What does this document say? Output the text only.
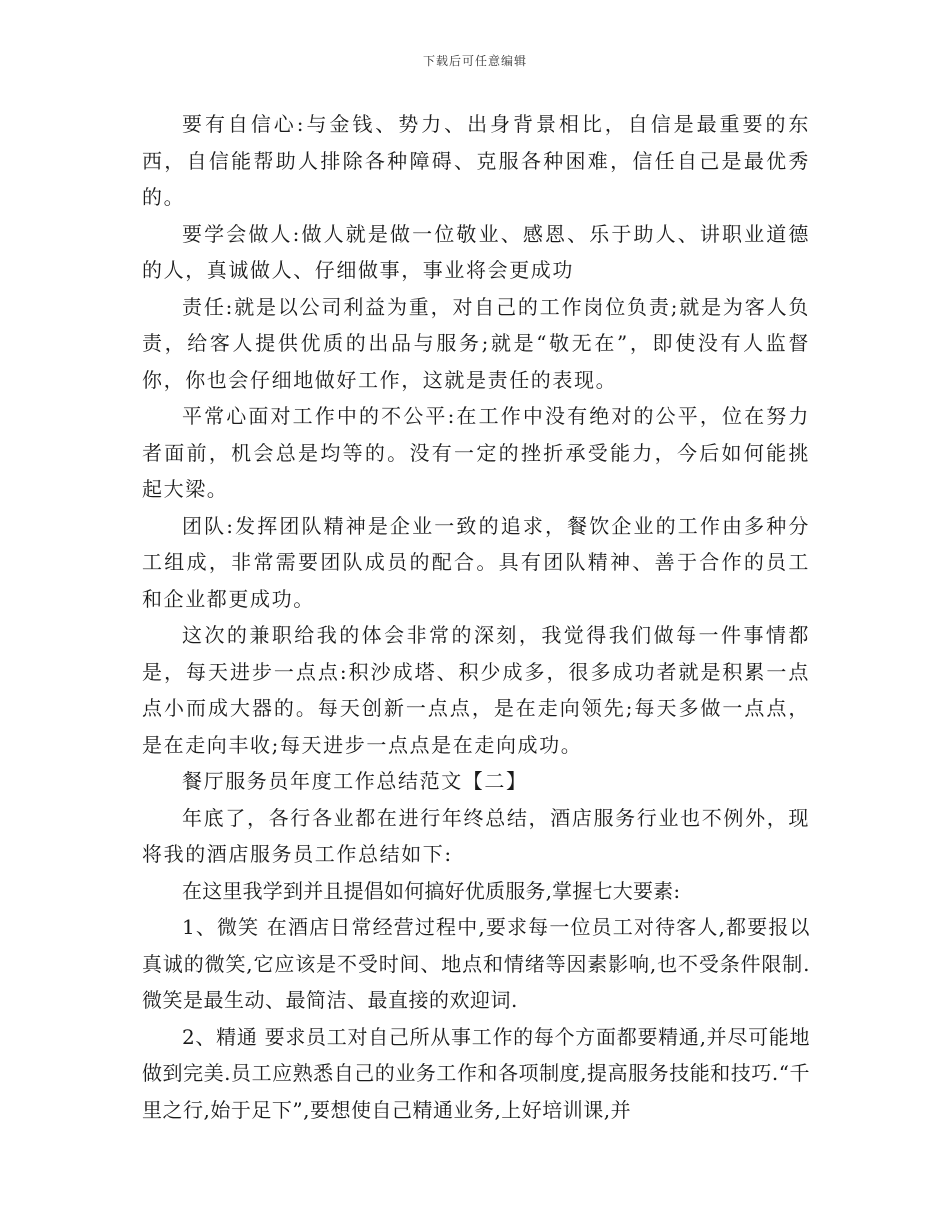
下载后可任意编辑

要有自信心:与金钱、势力、出身背景相比，自信是最重要的东西，自信能帮助人排除各种障碍、克服各种困难，信任自己是最优秀的。

要学会做人:做人就是做一位敬业、感恩、乐于助人、讲职业道德的人，真诚做人、仔细做事，事业将会更成功

责任:就是以公司利益为重，对自己的工作岗位负责;就是为客人负责，给客人提供优质的出品与服务;就是“敬无在”，即使没有人监督你，你也会仔细地做好工作，这就是责任的表现。

平常心面对工作中的不公平:在工作中没有绝对的公平，位在努力者面前，机会总是均等的。没有一定的挫折承受能力，今后如何能挑起大梁。

团队:发挥团队精神是企业一致的追求，餐饮企业的工作由多种分工组成，非常需要团队成员的配合。具有团队精神、善于合作的员工和企业都更成功。

这次的兼职给我的体会非常的深刻，我觉得我们做每一件事情都是，每天进步一点点:积沙成塔、积少成多，很多成功者就是积累一点点小而成大器的。每天创新一点点，是在走向领先;每天多做一点点，是在走向丰收;每天进步一点点是在走向成功。

餐厅服务员年度工作总结范文【二】

年底了，各行各业都在进行年终总结，酒店服务行业也不例外，现将我的酒店服务员工作总结如下:

在这里我学到并且提倡如何搞好优质服务,掌握七大要素:

1、微笑 在酒店日常经营过程中,要求每一位员工对待客人,都要报以真诚的微笑,它应该是不受时间、地点和情绪等因素影响,也不受条件限制.微笑是最生动、最简洁、最直接的欢迎词.

2、精通 要求员工对自己所从事工作的每个方面都要精通,并尽可能地做到完美.员工应熟悉自己的业务工作和各项制度,提高服务技能和技巧.“千里之行,始于足下”,要想使自己精通业务,上好培训课,并
